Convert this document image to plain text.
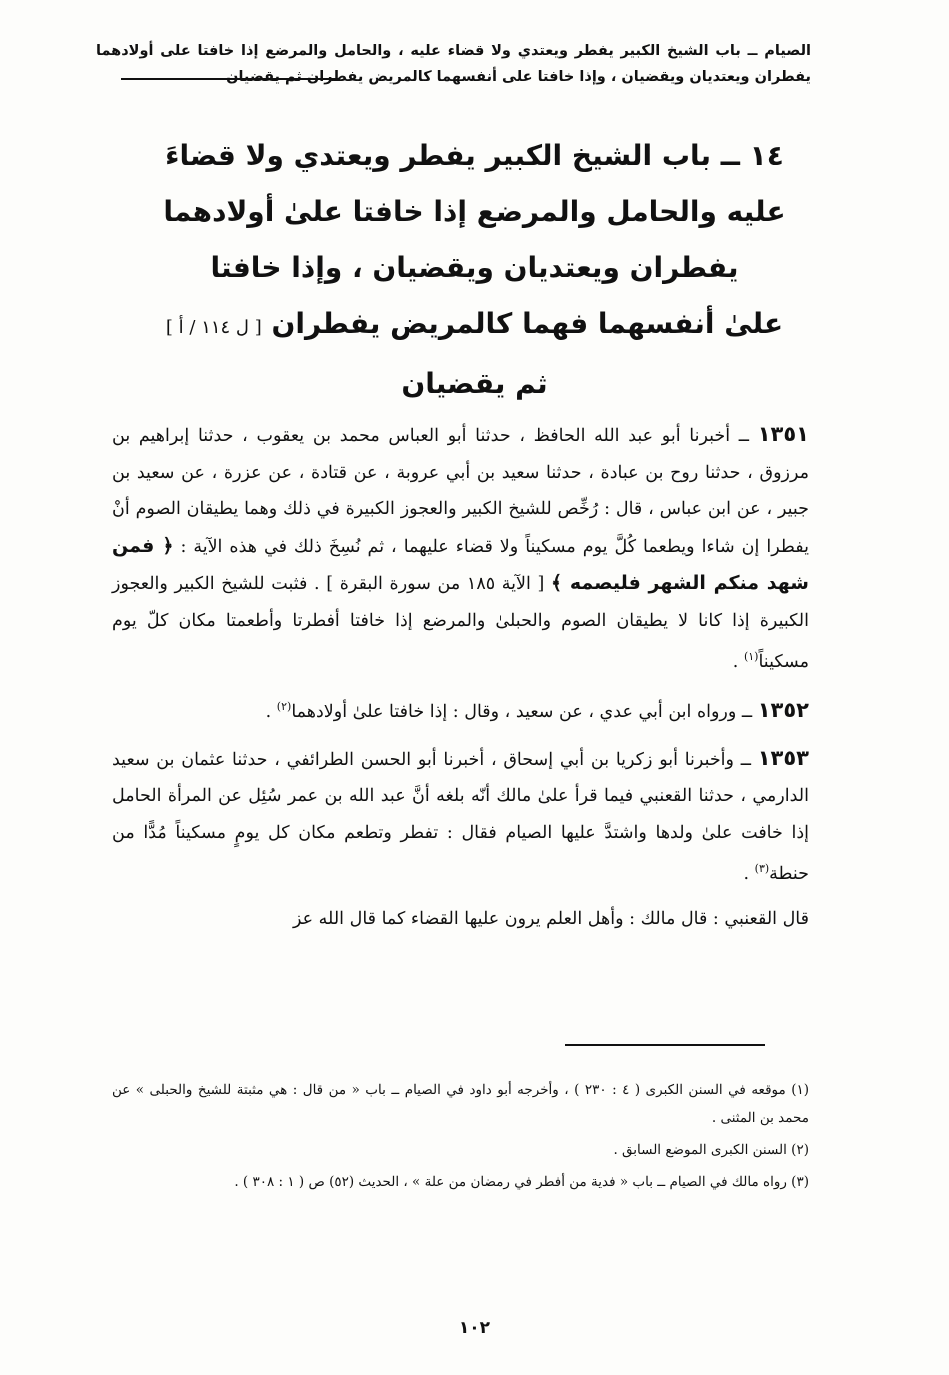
الصيام ــ باب الشيخ الكبير يفطر ويعتدي ولا قضاء عليه ، والحامل والمرضع إذا خافتا على أولادهما يفطران ويعتديان ويقضيان ، وإذا خافتا على أنفسهما كالمريض يفطران ثم يقضيان
١٤ ــ باب الشيخ الكبير يفطر ويعتدي ولا قضاءَ
عليه والحامل والمرضع إذا خافتا علىٰ أولادهما
يفطران ويعتديان ويقضيان ، وإذا خافتا
علىٰ أنفسهما فهما كالمريض يفطران [ ل ١١٤ / أ ]
ثم يقضيان

١٣٥١ ــ أخبرنا أبو عبد الله الحافظ ، حدثنا أبو العباس محمد بن يعقوب ، حدثنا إبراهيم بن مرزوق ، حدثنا روح بن عبادة ، حدثنا سعيد بن أبي عروبة ، عن قتادة ، عن عزرة ، عن سعيد بن جبير ، عن ابن عباس ، قال : رُخِّص للشيخ الكبير والعجوز الكبيرة في ذلك وهما يطيقان الصوم أنْ يفطرا إن شاءا ويطعما كُلَّ يوم مسكيناً ولا قضاء عليهما ، ثم نُسِخَ ذلك في هذه الآية : ﴿ فمن شهد منكم الشهر فليصمه ﴾ [ الآية ١٨٥ من سورة البقرة ] . فثبت للشيخ الكبير والعجوز الكبيرة إذا كانا لا يطيقان الصوم والحبلىٰ والمرضع إذا خافتا أفطرتا وأطعمتا مكان كلّ يوم مسكيناً$^{(١)}$ .

١٣٥٢ ــ ورواه ابن أبي عدي ، عن سعيد ، وقال : إذا خافتا علىٰ أولادهما$^{(٢)}$ .

١٣٥٣ ــ وأخبرنا أبو زكريا بن أبي إسحاق ، أخبرنا أبو الحسن الطرائفي ، حدثنا عثمان بن سعيد الدارمي ، حدثنا القعنبي فيما قرأ علىٰ مالك أنّه بلغه أنَّ عبد الله بن عمر سُئِل عن المرأة الحامل إذا خافت علىٰ ولدها واشتدَّ عليها الصيام فقال : تفطر وتطعم مكان كل يومٍ مسكيناً مُدًّا من حنطة$^{(٣)}$ .

قال القعنبي : قال مالك : وأهل العلم يرون عليها القضاء كما قال الله عز

(١) موقعه في السنن الكبرى ( ٤ : ٢٣٠ ) ، وأخرجه أبو داود في الصيام ــ باب « من قال : هي مثبتة للشيخ والحبلى » عن محمد بن المثنى .
(٢) السنن الكبرى الموضع السابق .
(٣) رواه مالك في الصيام ــ باب « فدية من أفطر في رمضان من علة » ، الحديث (٥٢) ص ( ١ : ٣٠٨ ) .
١٠٢
